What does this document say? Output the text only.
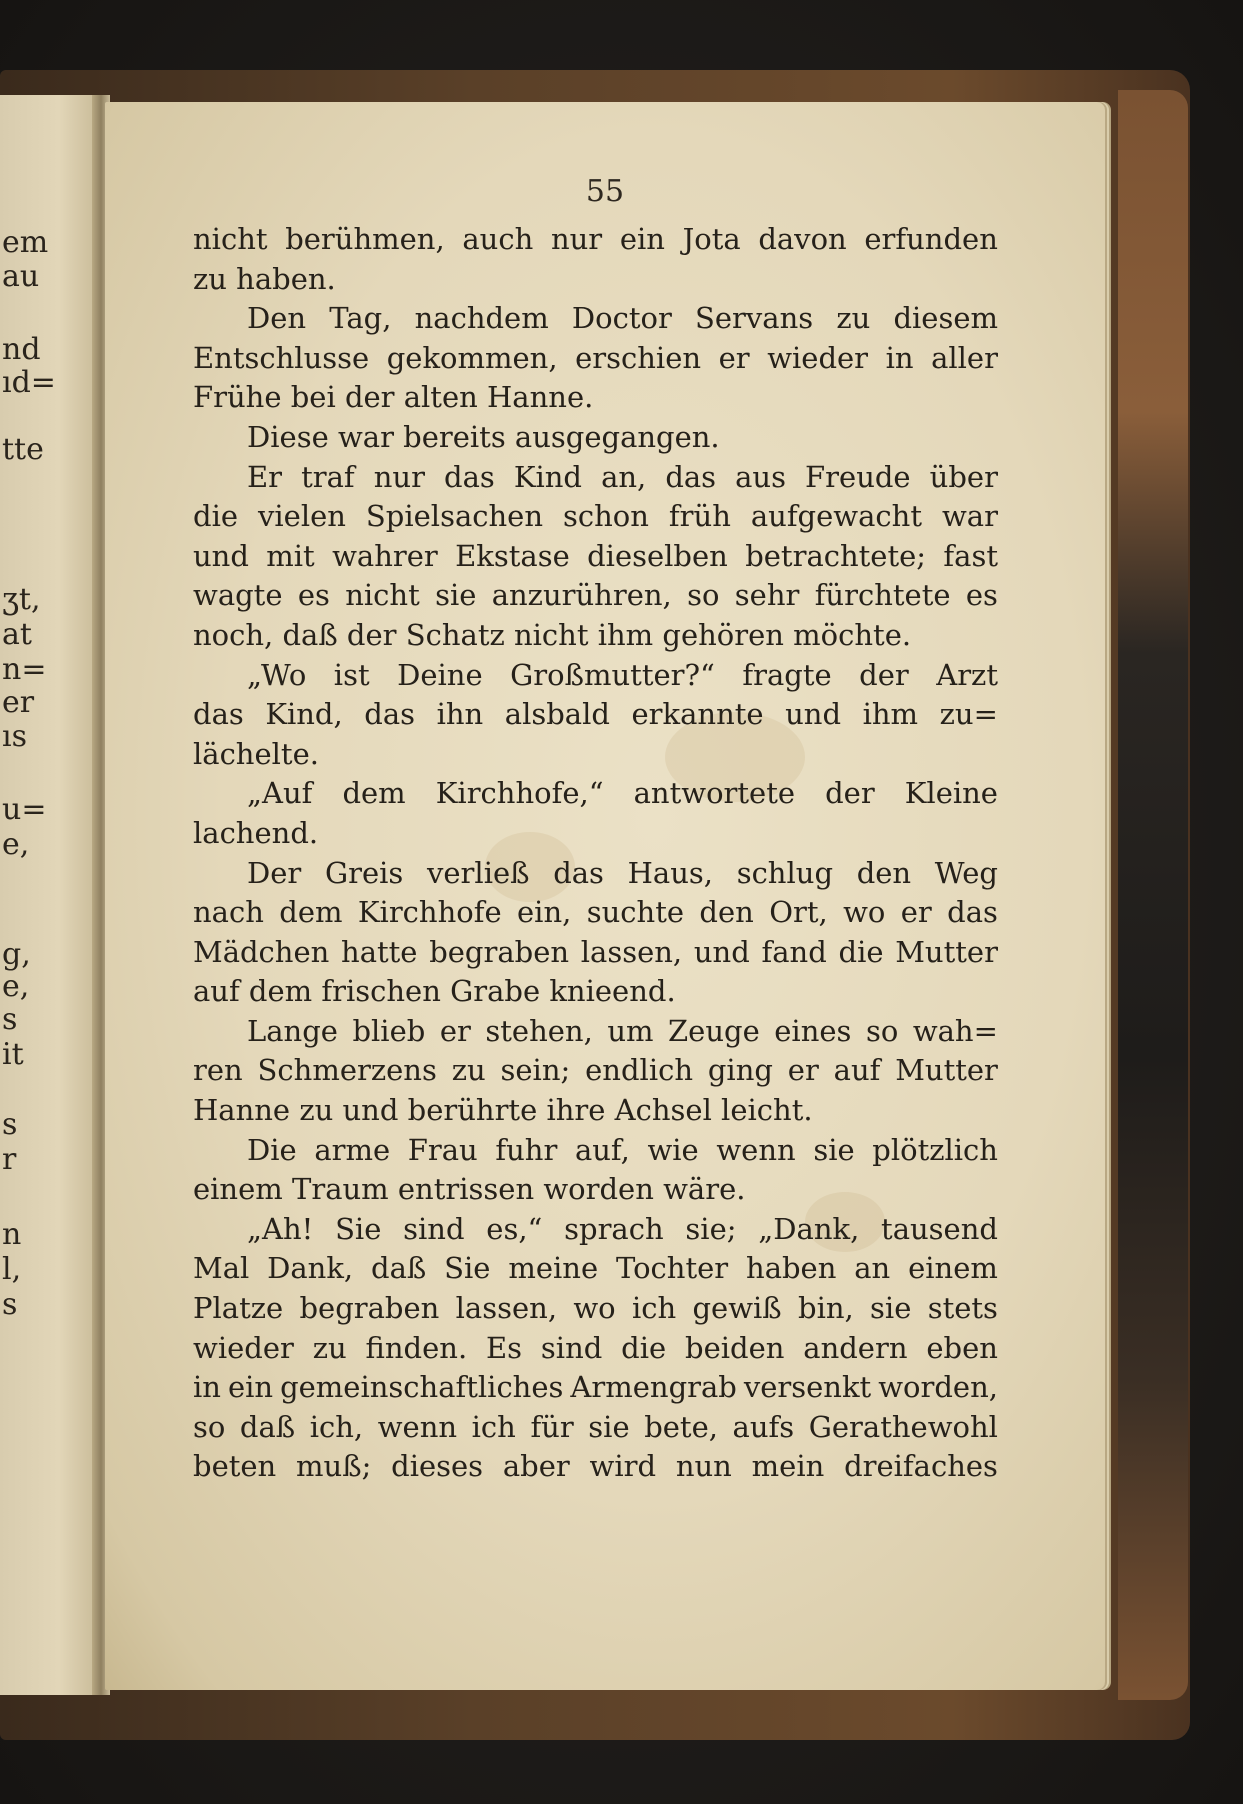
em
au
nd
ıd=
tte
ʒt,
at
n=
er
ıs
u=
e,
g,
e,
s
it
s
r
n
l,
s
55
nicht berühmen, auch nur ein Jota davon erfunden
zu haben.
Den Tag, nachdem Doctor Servans zu diesem
Entschlusse gekommen, erschien er wieder in aller
Frühe bei der alten Hanne.
Diese war bereits ausgegangen.
Er traf nur das Kind an, das aus Freude über
die vielen Spielsachen schon früh aufgewacht war
und mit wahrer Ekstase dieselben betrachtete; fast
wagte es nicht sie anzurühren, so sehr fürchtete es
noch, daß der Schatz nicht ihm gehören möchte.
„Wo ist Deine Großmutter?“ fragte der Arzt
das Kind, das ihn alsbald erkannte und ihm zu=
lächelte.
„Auf dem Kirchhofe,“ antwortete der Kleine
lachend.
Der Greis verließ das Haus, schlug den Weg
nach dem Kirchhofe ein, suchte den Ort, wo er das
Mädchen hatte begraben lassen, und fand die Mutter
auf dem frischen Grabe knieend.
Lange blieb er stehen, um Zeuge eines so wah=
ren Schmerzens zu sein; endlich ging er auf Mutter
Hanne zu und berührte ihre Achsel leicht.
Die arme Frau fuhr auf, wie wenn sie plötzlich
einem Traum entrissen worden wäre.
„Ah! Sie sind es,“ sprach sie; „Dank, tausend
Mal Dank, daß Sie meine Tochter haben an einem
Platze begraben lassen, wo ich gewiß bin, sie stets
wieder zu finden. Es sind die beiden andern eben
in ein gemeinschaftliches Armengrab versenkt worden,
so daß ich, wenn ich für sie bete, aufs Gerathewohl
beten muß; dieses aber wird nun mein dreifaches
